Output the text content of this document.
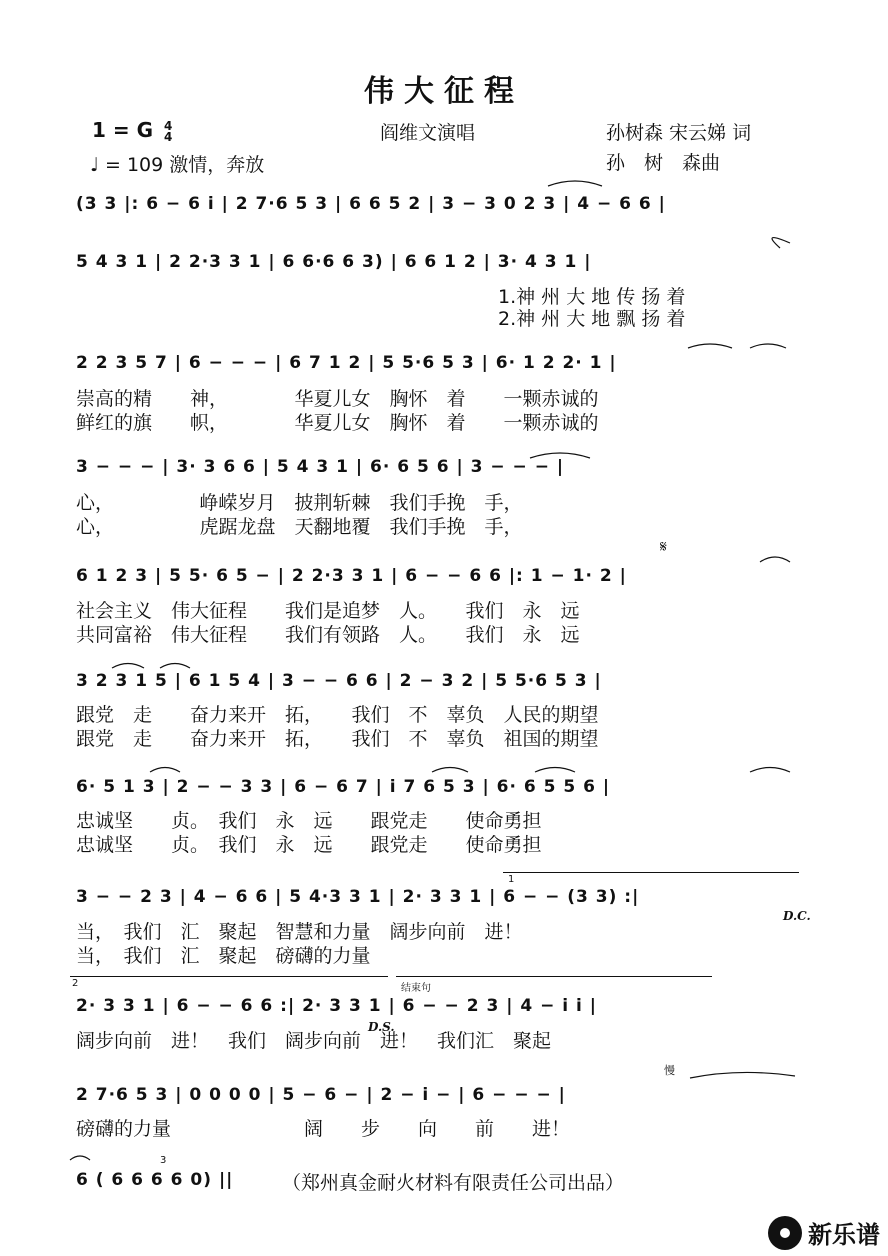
伟大征程
1 = G 4
4
♩ = 109 激情，奔放
阎维文演唱	孙树森 宋云娣 词
孙　树　森曲
(3 3 |: 6 − 6 i | 2 7·6 5 3 | 6 6 5 2 | 3 − 3 0 2 3 | 4 − 6 6 |
5 4 3 1 | 2 2·3 3 1 | 6 6·6 6 3) | 6 6 1 2 | 3· 4 3 1 |
1.神 州 大 地 传 扬 着
2.神 州 大 地 飘 扬 着
2 2 3 5 7 | 6 − − − | 6 7 1 2 | 5 5·6 5 3 | 6· 1 2 2· 1 |
崇高的精　　神，　　　　华夏儿女　胸怀　着　　一颗赤诚的
鲜红的旗　　帜，　　　　华夏儿女　胸怀　着　　一颗赤诚的
3 − − − | 3· 3 6 6 | 5 4 3 1 | 6· 6 5 6 | 3 − − − |
心，　　　　　峥嵘岁月　披荆斩棘　我们手挽　手，
心，　　　　　虎踞龙盘　天翻地覆　我们手挽　手，
6 1 2 3 | 5 5· 6 5 − | 2 2·3 3 1 | 6 − − 6 6 |: 1 − 1· 2 |
社会主义　伟大征程　　我们是追梦　人。　　我们　永　远
共同富裕　伟大征程　　我们有领路　人。　　我们　永　远
𝄋
3 2 3 1 5 | 6 1 5 4 | 3 − − 6 6 | 2 − 3 2 | 5 5·6 5 3 |
跟党　走　　奋力来开　拓，　　我们　不　辜负　人民的期望
跟党　走　　奋力来开　拓，　　我们　不　辜负　祖国的期望
6· 5 1 3 | 2 − − 3 3 | 6 − 6 7 | i 7 6 5 3 | 6· 6 5 5 6 |
忠诚坚　　贞。　我们　永　远　　跟党走　　使命勇担
忠诚坚　　贞。　我们　永　远　　跟党走　　使命勇担
1
3 − − 2 3 | 4 − 6 6 | 5 4·3 3 1 | 2· 3 3 1 | 6 − − (3 3) :|
当，　我们　汇　聚起　智慧和力量　阔步向前　进！
当，　我们　汇　聚起　磅礴的力量
D.C.
2	结束句
2· 3 3 1 | 6 − − 6 6 :| 2· 3 3 1 | 6 − − 2 3 | 4 − i i |
阔步向前　进！　我们　阔步向前　进！　我们汇　聚起
D.S.
慢
2 7·6 5 3 | 0 0 0 0 | 5 − 6 − | 2 − i − | 6 − − − |
磅礴的力量　　　　　　　阔　　步　　向　　前　　进！
3
6 ( 6 6 6 6 0) ||	（郑州真金耐火材料有限责任公司出品）
新乐谱
